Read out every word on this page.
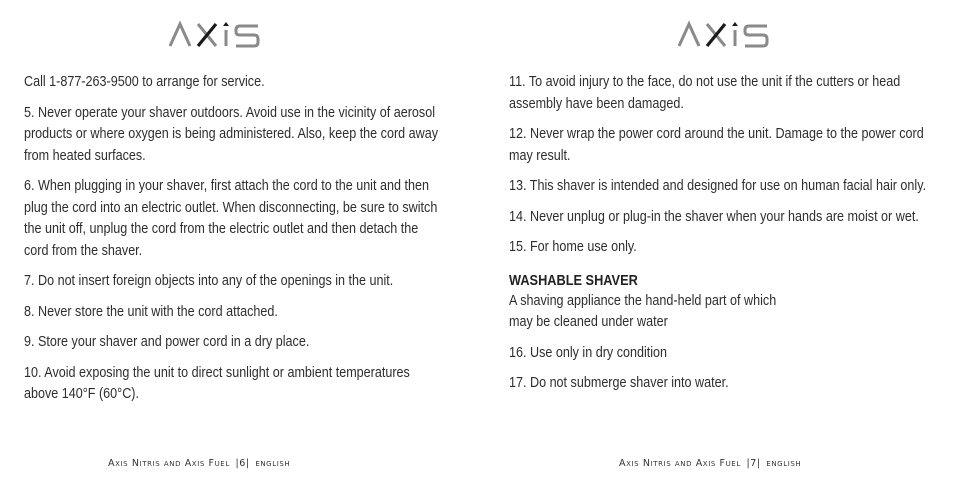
Call 1-877-263-9500 to arrange for service.

5. Never operate your shaver outdoors. Avoid use in the vicinity of aerosol products or where oxygen is being administered. Also, keep the cord away from heated surfaces.

6. When plugging in your shaver, first attach the cord to the unit and then plug the cord into an electric outlet. When disconnecting, be sure to switch the unit off, unplug the cord from the electric outlet and then detach the cord from the shaver.

7. Do not insert foreign objects into any of the openings in the unit.

8. Never store the unit with the cord attached.

9. Store your shaver and power cord in a dry place.

10. Avoid exposing the unit to direct sunlight or ambient temperatures above 140°F (60°C).

Axis Nitris and Axis Fuel |6| english

11. To avoid injury to the face, do not use the unit if the cutters or head assembly have been damaged.

12. Never wrap the power cord around the unit. Damage to the power cord may result.

13. This shaver is intended and designed for use on human facial hair only.

14. Never unplug or plug-in the shaver when your hands are moist or wet.

15. For home use only.

WASHABLE SHAVER
A shaving appliance the hand-held part of which
may be cleaned under water

16. Use only in dry condition

17. Do not submerge shaver into water.

Axis Nitris and Axis Fuel |7| english
